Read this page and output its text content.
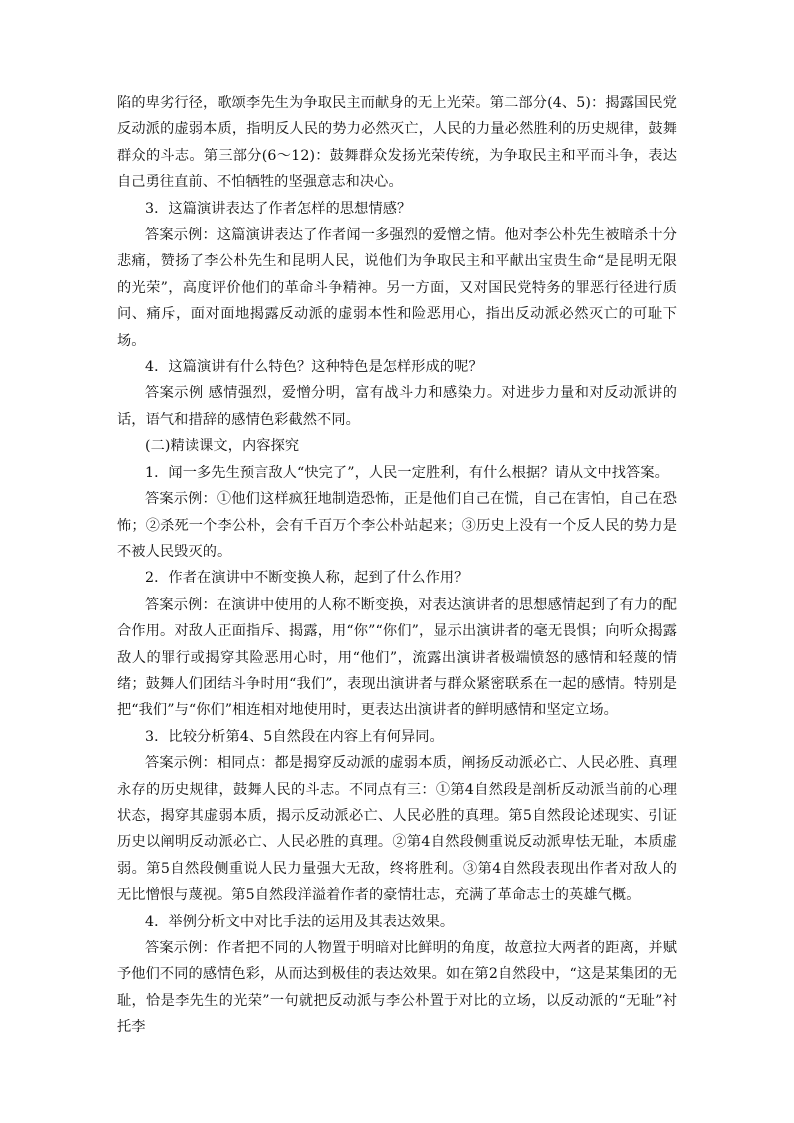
陷的卑劣行径，歌颂李先生为争取民主而献身的无上光荣。第二部分(4、5)：揭露国民党反动派的虚弱本质，指明反人民的势力必然灭亡，人民的力量必然胜利的历史规律，鼓舞群众的斗志。第三部分(6～12)：鼓舞群众发扬光荣传统，为争取民主和平而斗争，表达自己勇往直前、不怕牺牲的坚强意志和决心。

3．这篇演讲表达了作者怎样的思想情感？

答案示例：这篇演讲表达了作者闻一多强烈的爱憎之情。他对李公朴先生被暗杀十分悲痛，赞扬了李公朴先生和昆明人民，说他们为争取民主和平献出宝贵生命“是昆明无限的光荣”，高度评价他们的革命斗争精神。另一方面，又对国民党特务的罪恶行径进行质问、痛斥，面对面地揭露反动派的虚弱本性和险恶用心，指出反动派必然灭亡的可耻下场。

4．这篇演讲有什么特色？这种特色是怎样形成的呢？

答案示例 感情强烈，爱憎分明，富有战斗力和感染力。对进步力量和对反动派讲的话，语气和措辞的感情色彩截然不同。

(二)精读课文，内容探究

1．闻一多先生预言敌人“快完了”，人民一定胜利，有什么根据？请从文中找答案。

答案示例：①他们这样疯狂地制造恐怖，正是他们自己在慌，自己在害怕，自己在恐怖；②杀死一个李公朴，会有千百万个李公朴站起来；③历史上没有一个反人民的势力是不被人民毁灭的。

2．作者在演讲中不断变换人称，起到了什么作用？

答案示例：在演讲中使用的人称不断变换，对表达演讲者的思想感情起到了有力的配合作用。对敌人正面指斥、揭露，用“你”“你们”，显示出演讲者的毫无畏惧；向听众揭露敌人的罪行或揭穿其险恶用心时，用“他们”，流露出演讲者极端愤怒的感情和轻蔑的情绪；鼓舞人们团结斗争时用“我们”，表现出演讲者与群众紧密联系在一起的感情。特别是把“我们”与“你们”相连相对地使用时，更表达出演讲者的鲜明感情和坚定立场。

3．比较分析第4、5自然段在内容上有何异同。

答案示例：相同点：都是揭穿反动派的虚弱本质，阐扬反动派必亡、人民必胜、真理永存的历史规律，鼓舞人民的斗志。不同点有三：①第4自然段是剖析反动派当前的心理状态，揭穿其虚弱本质，揭示反动派必亡、人民必胜的真理。第5自然段论述现实、引证历史以阐明反动派必亡、人民必胜的真理。②第4自然段侧重说反动派卑怯无耻，本质虚弱。第5自然段侧重说人民力量强大无敌，终将胜利。③第4自然段表现出作者对敌人的无比憎恨与蔑视。第5自然段洋溢着作者的豪情壮志，充满了革命志士的英雄气概。

4．举例分析文中对比手法的运用及其表达效果。

答案示例：作者把不同的人物置于明暗对比鲜明的角度，故意拉大两者的距离，并赋予他们不同的感情色彩，从而达到极佳的表达效果。如在第2自然段中，“这是某集团的无耻，恰是李先生的光荣”一句就把反动派与李公朴置于对比的立场，以反动派的“无耻”衬托李
